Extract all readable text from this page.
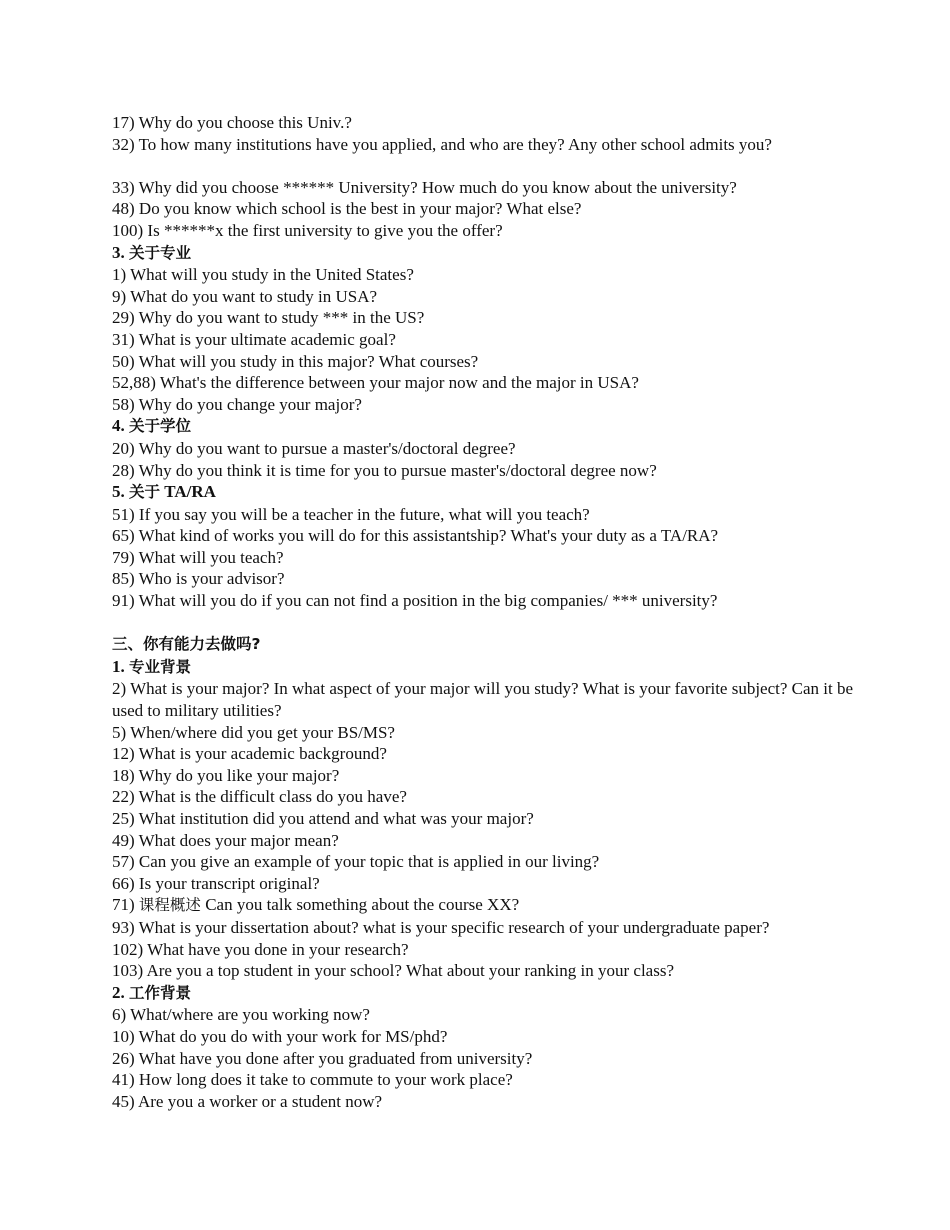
17) Why do you choose this Univ.?

32) To how many institutions have you applied, and who are they? Any other school admits you?

33) Why did you choose ****** University? How much do you know about the university?

48) Do you know which school is the best in your major? What else?

100) Is ******x the first university to give you the offer?

3. 关于专业

1) What will you study in the United States?

9) What do you want to study in USA?

29) Why do you want to study *** in the US?

31) What is your ultimate academic goal?

50) What will you study in this major? What courses?

52,88) What's the difference between your major now and the major in USA?

58) Why do you change your major?

4. 关于学位

20) Why do you want to pursue a master's/doctoral degree?

28) Why do you think it is time for you to pursue master's/doctoral degree now?

5. 关于 TA/RA

51) If you say you will be a teacher in the future, what will you teach?

65) What kind of works you will do for this assistantship? What's your duty as a TA/RA?

79) What will you teach?

85) Who is your advisor?

91) What will you do if you can not find a position in the big companies/ *** university?

三、你有能力去做吗?

1. 专业背景

2) What is your major? In what aspect of your major will you study? What is your favorite subject? Can it be used to military utilities?

5) When/where did you get your BS/MS?

12) What is your academic background?

18) Why do you like your major?

22) What is the difficult class do you have?

25) What institution did you attend and what was your major?

49) What does your major mean?

57) Can you give an example of your topic that is applied in our living?

66) Is your transcript original?

71) 课程概述 Can you talk something about the course XX?

93) What is your dissertation about? what is your specific research of your undergraduate paper?

102) What have you done in your research?

103) Are you a top student in your school? What about your ranking in your class?

2. 工作背景

6) What/where are you working now?

10) What do you do with your work for MS/phd?

26) What have you done after you graduated from university?

41) How long does it take to commute to your work place?

45) Are you a worker or a student now?
